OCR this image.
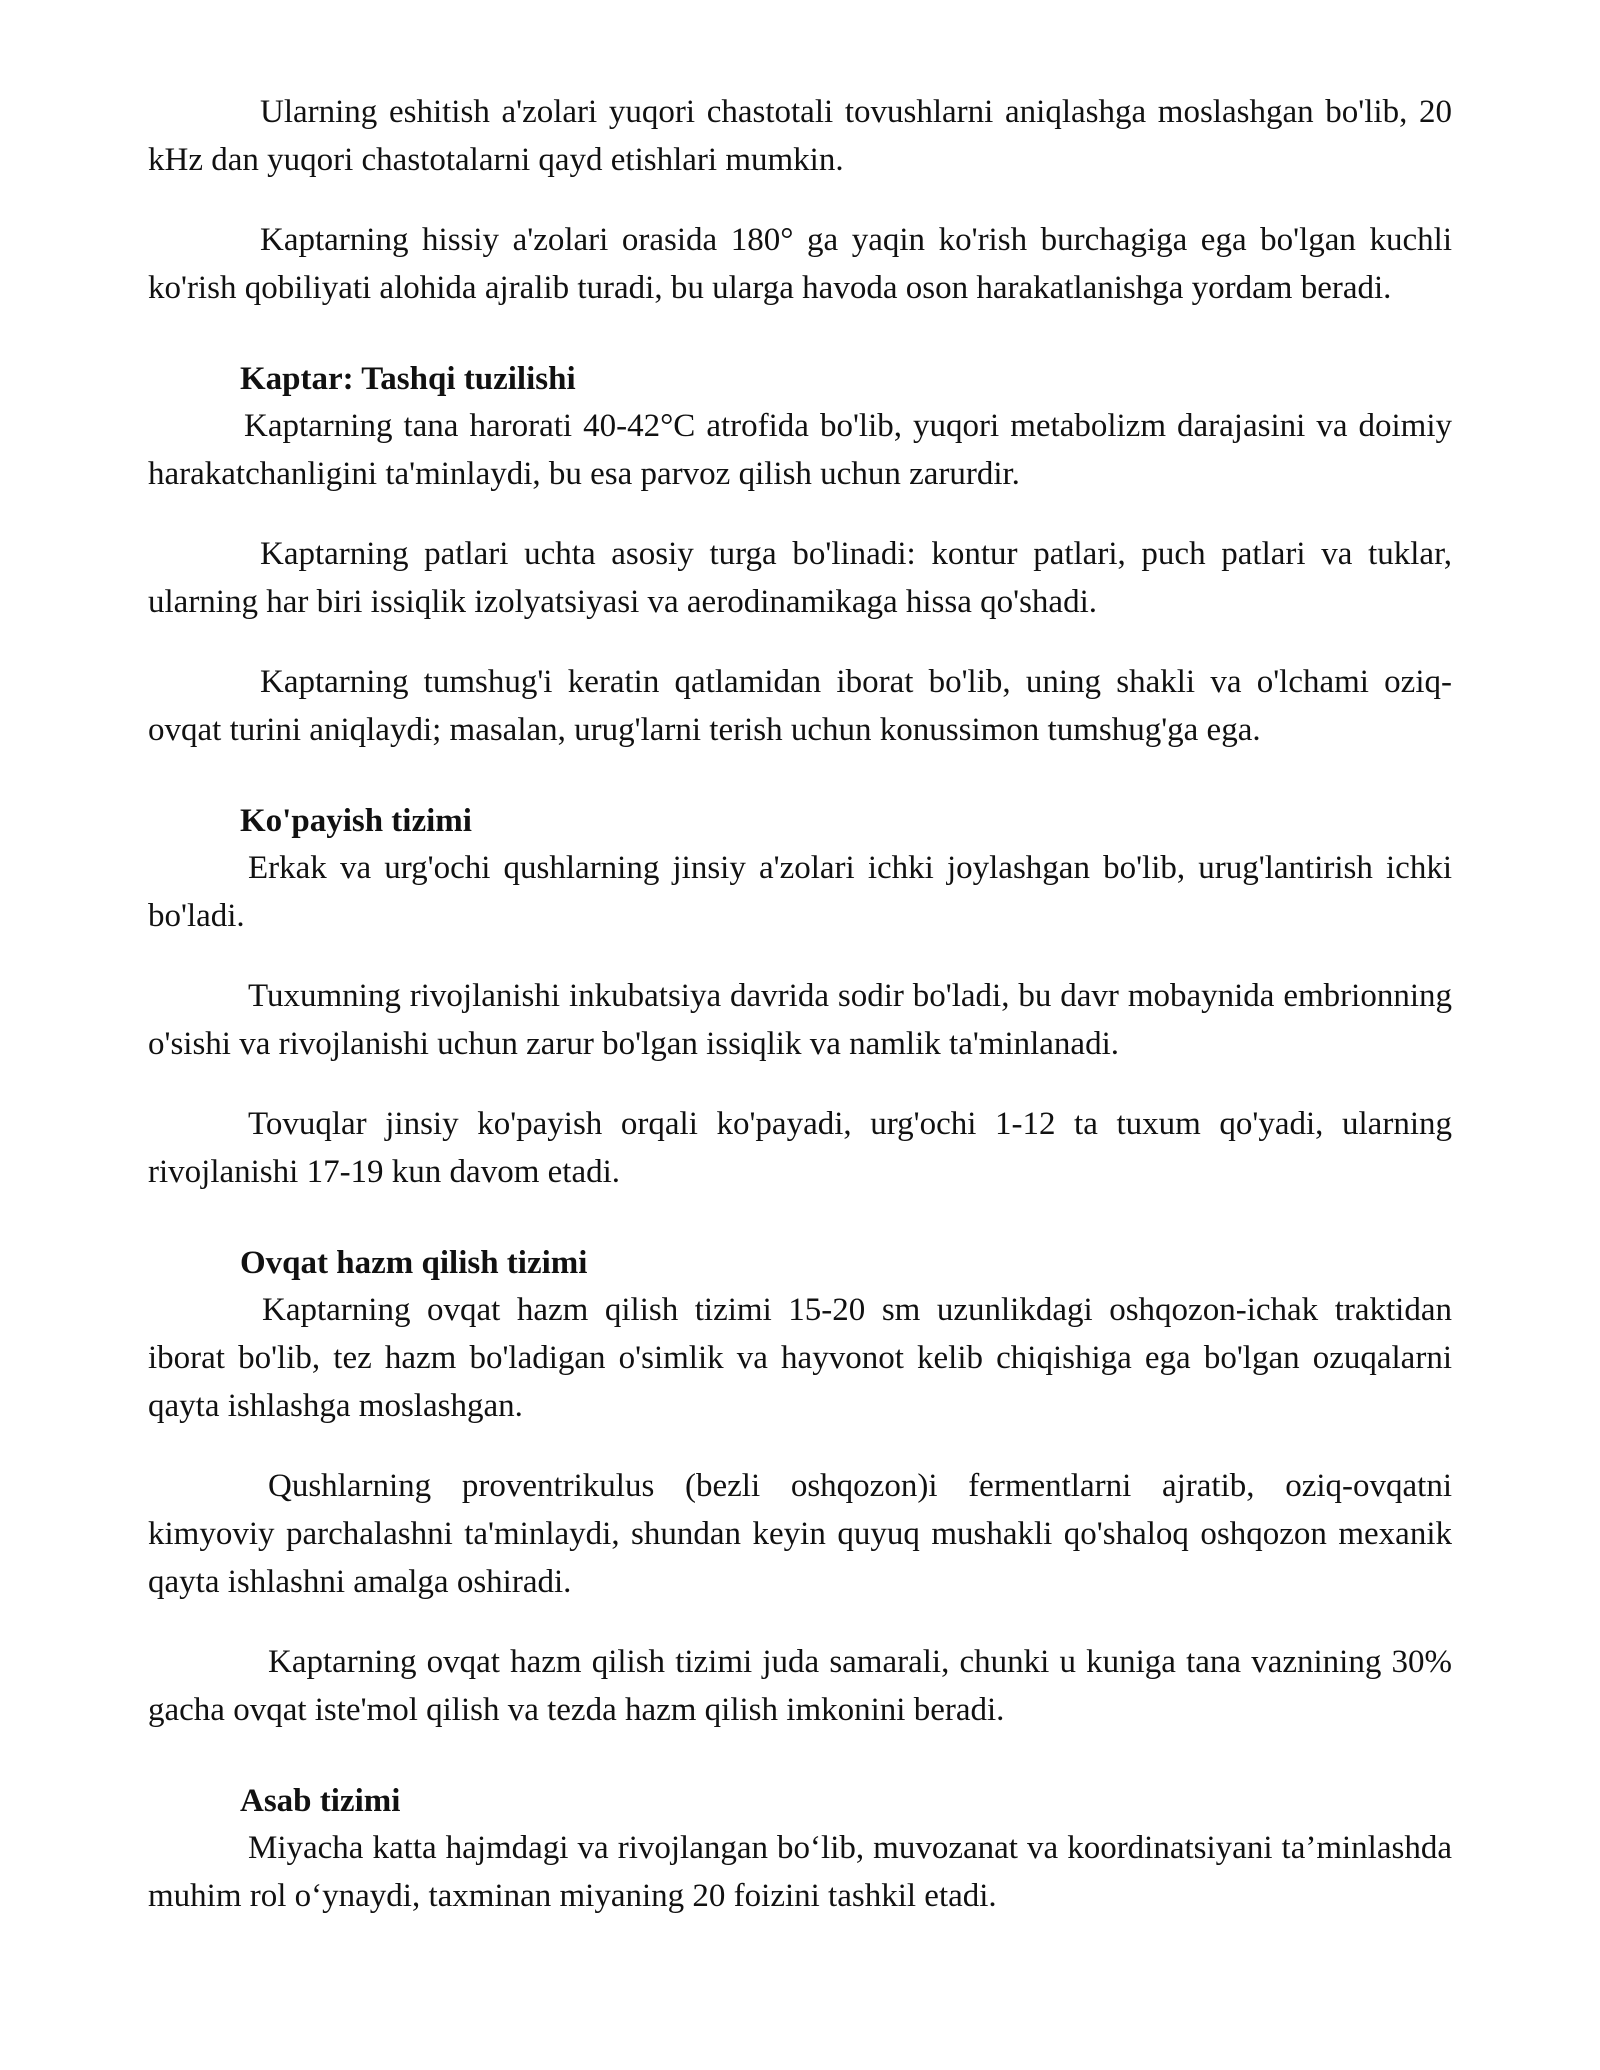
Ularning eshitish a'zolari yuqori chastotali tovushlarni aniqlashga moslashgan bo'lib, 20 kHz dan yuqori chastotalarni qayd etishlari mumkin.

Kaptarning hissiy a'zolari orasida 180° ga yaqin ko'rish burchagiga ega bo'lgan kuchli ko'rish qobiliyati alohida ajralib turadi, bu ularga havoda oson harakatlanishga yordam beradi.

Kaptar: Tashqi tuzilishi

Kaptarning tana harorati 40-42°C atrofida bo'lib, yuqori metabolizm darajasini va doimiy harakatchanligini ta'minlaydi, bu esa parvoz qilish uchun zarurdir.

Kaptarning patlari uchta asosiy turga bo'linadi: kontur patlari, puch patlari va tuklar, ularning har biri issiqlik izolyatsiyasi va aerodinamikaga hissa qo'shadi.

Kaptarning tumshug'i keratin qatlamidan iborat bo'lib, uning shakli va o'lchami oziq-ovqat turini aniqlaydi; masalan, urug'larni terish uchun konussimon tumshug'ga ega.

Ko'payish tizimi

Erkak va urg'ochi qushlarning jinsiy a'zolari ichki joylashgan bo'lib, urug'lantirish ichki bo'ladi.

Tuxumning rivojlanishi inkubatsiya davrida sodir bo'ladi, bu davr mobaynida embrionning o'sishi va rivojlanishi uchun zarur bo'lgan issiqlik va namlik ta'minlanadi.

Tovuqlar jinsiy ko'payish orqali ko'payadi, urg'ochi 1-12 ta tuxum qo'yadi, ularning rivojlanishi 17-19 kun davom etadi.

Ovqat hazm qilish tizimi

Kaptarning ovqat hazm qilish tizimi 15-20 sm uzunlikdagi oshqozon-ichak traktidan iborat bo'lib, tez hazm bo'ladigan o'simlik va hayvonot kelib chiqishiga ega bo'lgan ozuqalarni qayta ishlashga moslashgan.

Qushlarning proventrikulus (bezli oshqozon)i fermentlarni ajratib, oziq-ovqatni kimyoviy parchalashni ta'minlaydi, shundan keyin quyuq mushakli qo'shaloq oshqozon mexanik qayta ishlashni amalga oshiradi.

Kaptarning ovqat hazm qilish tizimi juda samarali, chunki u kuniga tana vaznining 30% gacha ovqat iste'mol qilish va tezda hazm qilish imkonini beradi.

Asab tizimi

Miyacha katta hajmdagi va rivojlangan bo‘lib, muvozanat va koordinatsiyani ta’minlashda muhim rol o‘ynaydi, taxminan miyaning 20 foizini tashkil etadi.
